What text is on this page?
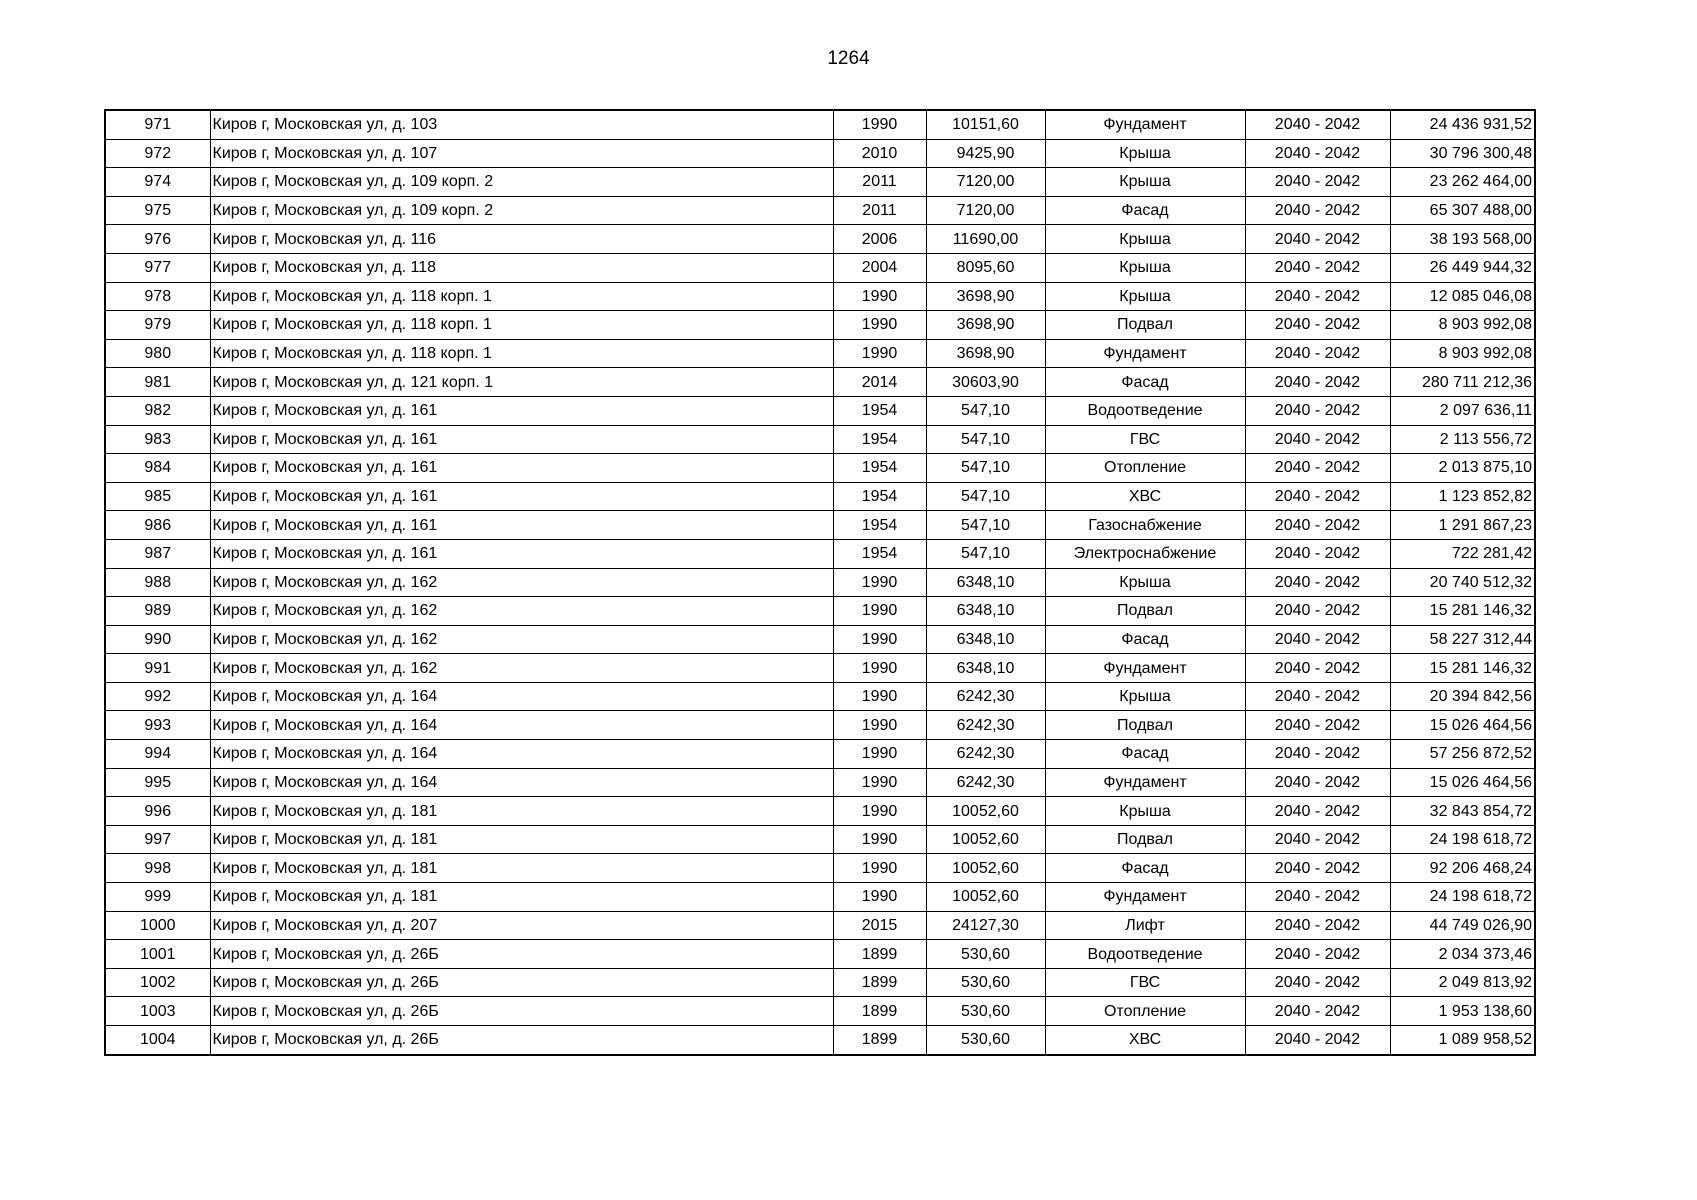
1264
971	Киров г, Московская ул, д. 103	1990	10151,60	Фундамент	2040 - 2042	24 436 931,52
972	Киров г, Московская ул, д. 107	2010	9425,90	Крыша	2040 - 2042	30 796 300,48
974	Киров г, Московская ул, д. 109 корп. 2	2011	7120,00	Крыша	2040 - 2042	23 262 464,00
975	Киров г, Московская ул, д. 109 корп. 2	2011	7120,00	Фасад	2040 - 2042	65 307 488,00
976	Киров г, Московская ул, д. 116	2006	11690,00	Крыша	2040 - 2042	38 193 568,00
977	Киров г, Московская ул, д. 118	2004	8095,60	Крыша	2040 - 2042	26 449 944,32
978	Киров г, Московская ул, д. 118 корп. 1	1990	3698,90	Крыша	2040 - 2042	12 085 046,08
979	Киров г, Московская ул, д. 118 корп. 1	1990	3698,90	Подвал	2040 - 2042	8 903 992,08
980	Киров г, Московская ул, д. 118 корп. 1	1990	3698,90	Фундамент	2040 - 2042	8 903 992,08
981	Киров г, Московская ул, д. 121 корп. 1	2014	30603,90	Фасад	2040 - 2042	280 711 212,36
982	Киров г, Московская ул, д. 161	1954	547,10	Водоотведение	2040 - 2042	2 097 636,11
983	Киров г, Московская ул, д. 161	1954	547,10	ГВС	2040 - 2042	2 113 556,72
984	Киров г, Московская ул, д. 161	1954	547,10	Отопление	2040 - 2042	2 013 875,10
985	Киров г, Московская ул, д. 161	1954	547,10	ХВС	2040 - 2042	1 123 852,82
986	Киров г, Московская ул, д. 161	1954	547,10	Газоснабжение	2040 - 2042	1 291 867,23
987	Киров г, Московская ул, д. 161	1954	547,10	Электроснабжение	2040 - 2042	722 281,42
988	Киров г, Московская ул, д. 162	1990	6348,10	Крыша	2040 - 2042	20 740 512,32
989	Киров г, Московская ул, д. 162	1990	6348,10	Подвал	2040 - 2042	15 281 146,32
990	Киров г, Московская ул, д. 162	1990	6348,10	Фасад	2040 - 2042	58 227 312,44
991	Киров г, Московская ул, д. 162	1990	6348,10	Фундамент	2040 - 2042	15 281 146,32
992	Киров г, Московская ул, д. 164	1990	6242,30	Крыша	2040 - 2042	20 394 842,56
993	Киров г, Московская ул, д. 164	1990	6242,30	Подвал	2040 - 2042	15 026 464,56
994	Киров г, Московская ул, д. 164	1990	6242,30	Фасад	2040 - 2042	57 256 872,52
995	Киров г, Московская ул, д. 164	1990	6242,30	Фундамент	2040 - 2042	15 026 464,56
996	Киров г, Московская ул, д. 181	1990	10052,60	Крыша	2040 - 2042	32 843 854,72
997	Киров г, Московская ул, д. 181	1990	10052,60	Подвал	2040 - 2042	24 198 618,72
998	Киров г, Московская ул, д. 181	1990	10052,60	Фасад	2040 - 2042	92 206 468,24
999	Киров г, Московская ул, д. 181	1990	10052,60	Фундамент	2040 - 2042	24 198 618,72
1000	Киров г, Московская ул, д. 207	2015	24127,30	Лифт	2040 - 2042	44 749 026,90
1001	Киров г, Московская ул, д. 26Б	1899	530,60	Водоотведение	2040 - 2042	2 034 373,46
1002	Киров г, Московская ул, д. 26Б	1899	530,60	ГВС	2040 - 2042	2 049 813,92
1003	Киров г, Московская ул, д. 26Б	1899	530,60	Отопление	2040 - 2042	1 953 138,60
1004	Киров г, Московская ул, д. 26Б	1899	530,60	ХВС	2040 - 2042	1 089 958,52
